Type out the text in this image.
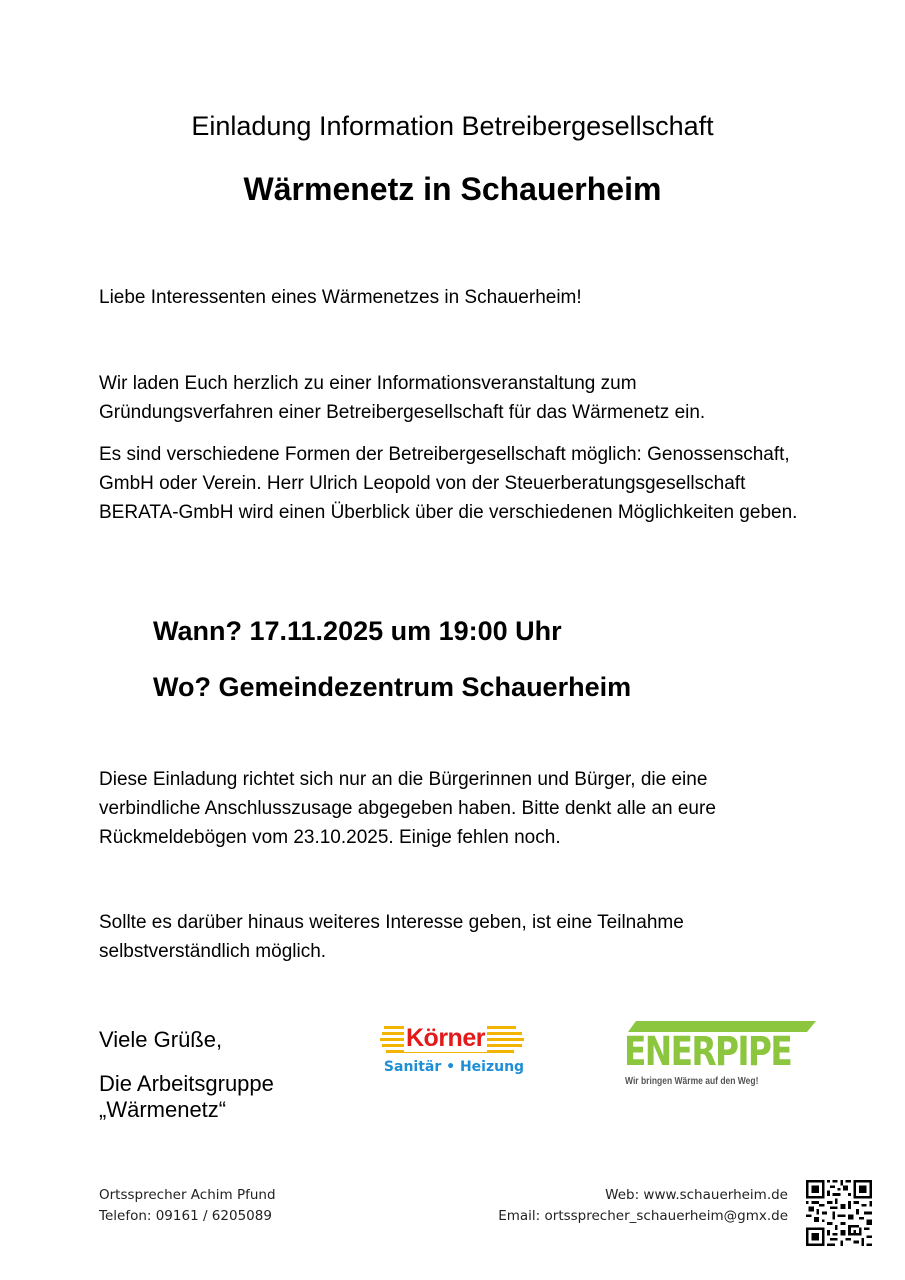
Einladung Information Betreibergesellschaft
Wärmenetz in Schauerheim

Liebe Interessenten eines Wärmenetzes in Schauerheim!

Wir laden Euch herzlich zu einer Informationsveranstaltung zum Gründungsverfahren einer Betreibergesellschaft für das Wärmenetz ein.

Es sind verschiedene Formen der Betreibergesellschaft möglich: Genossenschaft, GmbH oder Verein. Herr Ulrich Leopold von der Steuerberatungsgesellschaft BERATA-GmbH wird einen Überblick über die verschiedenen Möglichkeiten geben.

Wann? 17.11.2025 um 19:00 Uhr
Wo? Gemeindezentrum Schauerheim

Diese Einladung richtet sich nur an die Bürgerinnen und Bürger, die eine verbindliche Anschlusszusage abgegeben haben. Bitte denkt alle an eure Rückmeldebögen vom 23.10.2025. Einige fehlen noch.

Sollte es darüber hinaus weiteres Interesse geben, ist eine Teilnahme selbstverständlich möglich.

Viele Grüße,
Die Arbeitsgruppe
„Wärmenetz“
Körner
Sanitär • Heizung ENERPIPE
Wir bringen Wärme auf den Weg!
Ortssprecher Achim Pfund
Telefon: 09161 / 6205089
Web: www.schauerheim.de
Email: ortssprecher_schauerheim@gmx.de
